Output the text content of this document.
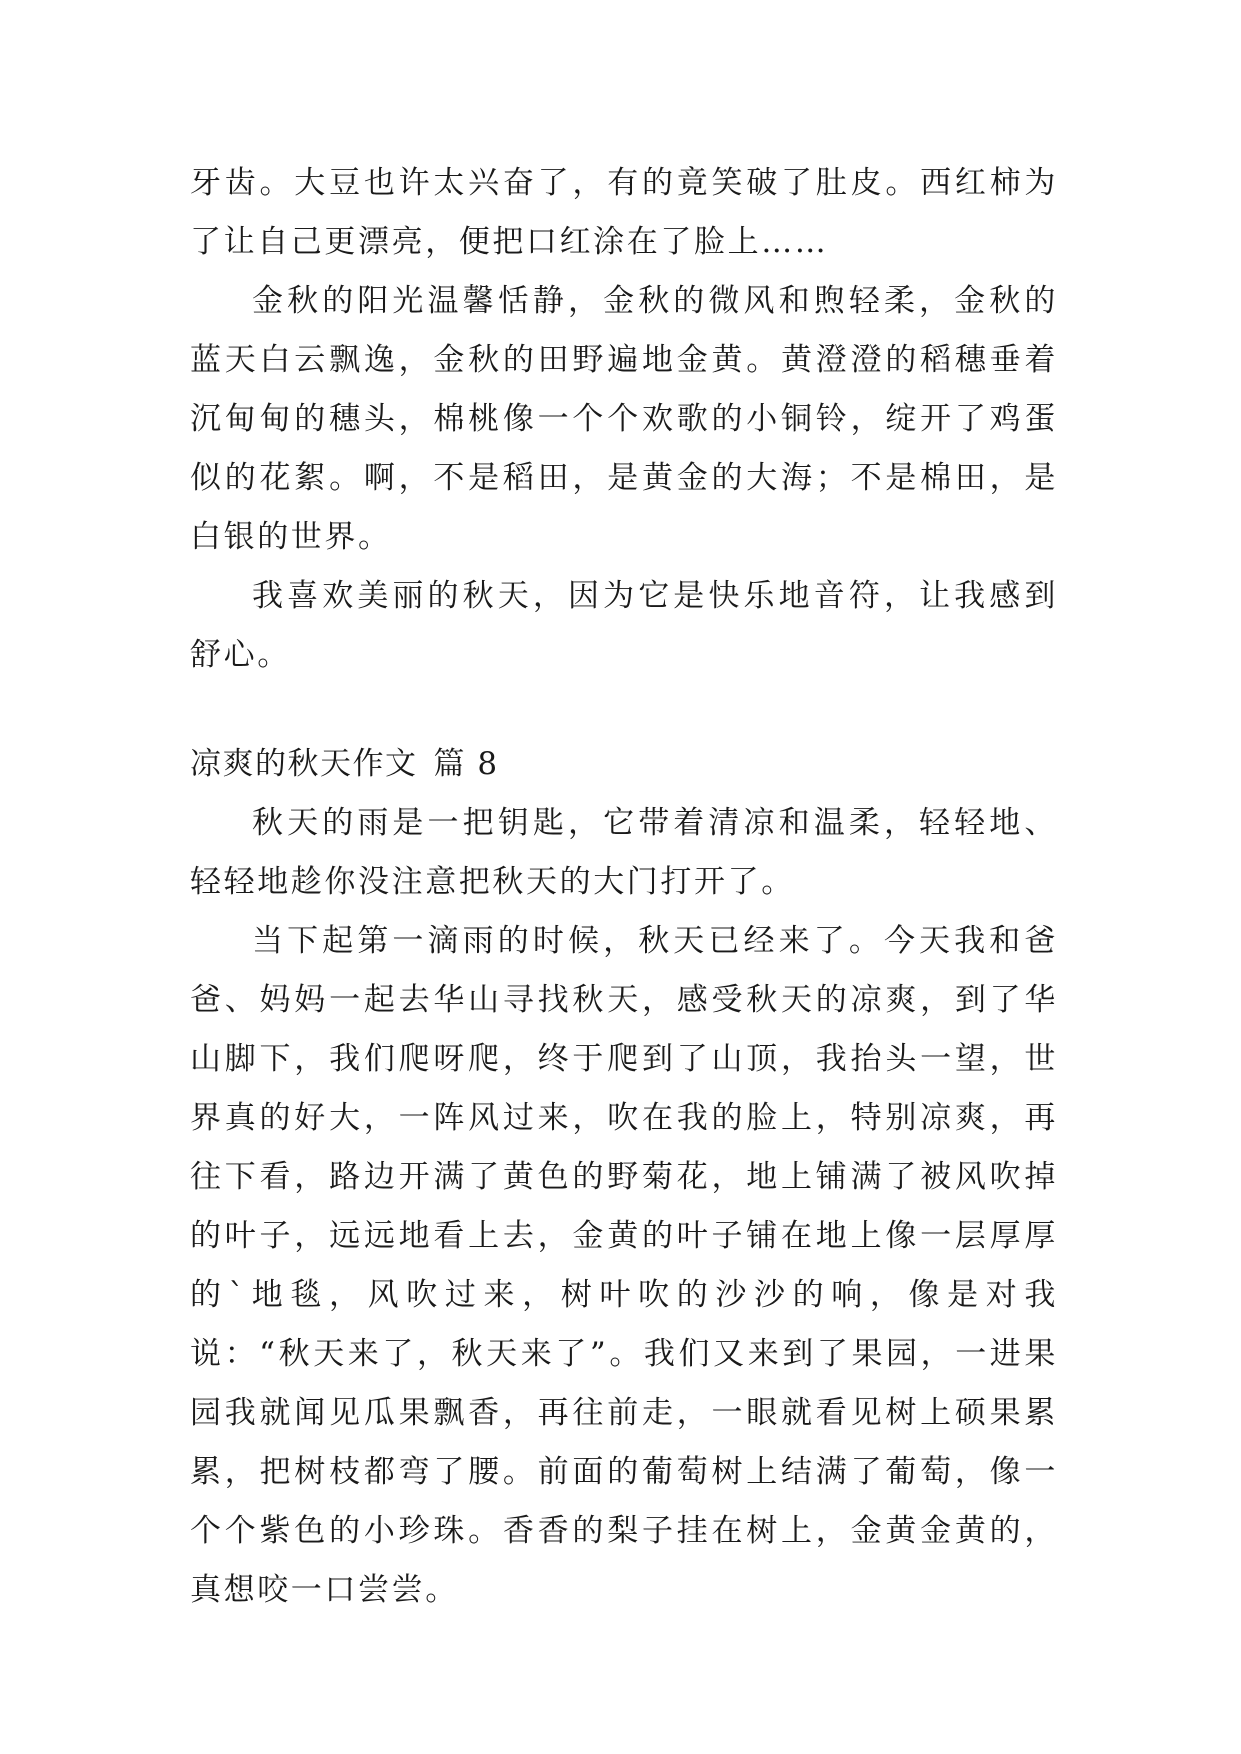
牙齿。大豆也许太兴奋了，有的竟笑破了肚皮。西红柿为了让自己更漂亮，便把口红涂在了脸上……

金秋的阳光温馨恬静，金秋的微风和煦轻柔，金秋的蓝天白云飘逸，金秋的田野遍地金黄。黄澄澄的稻穗垂着沉甸甸的穗头，棉桃像一个个欢歌的小铜铃，绽开了鸡蛋似的花絮。啊，不是稻田，是黄金的大海；不是棉田，是白银的世界。

我喜欢美丽的秋天，因为它是快乐地音符，让我感到舒心。

凉爽的秋天作文 篇 8

秋天的雨是一把钥匙，它带着清凉和温柔，轻轻地、轻轻地趁你没注意把秋天的大门打开了。

当下起第一滴雨的时候，秋天已经来了。今天我和爸爸、妈妈一起去华山寻找秋天，感受秋天的凉爽，到了华山脚下，我们爬呀爬，终于爬到了山顶，我抬头一望，世界真的好大，一阵风过来，吹在我的脸上，特别凉爽，再往下看，路边开满了黄色的野菊花，地上铺满了被风吹掉的叶子，远远地看上去，金黄的叶子铺在地上像一层厚厚的`地毯，风吹过来，树叶吹的沙沙的响，像是对我说：“秋天来了，秋天来了”。我们又来到了果园，一进果园我就闻见瓜果飘香，再往前走，一眼就看见树上硕果累累，把树枝都弯了腰。前面的葡萄树上结满了葡萄，像一个个紫色的小珍珠。香香的梨子挂在树上，金黄金黄的，真想咬一口尝尝。
